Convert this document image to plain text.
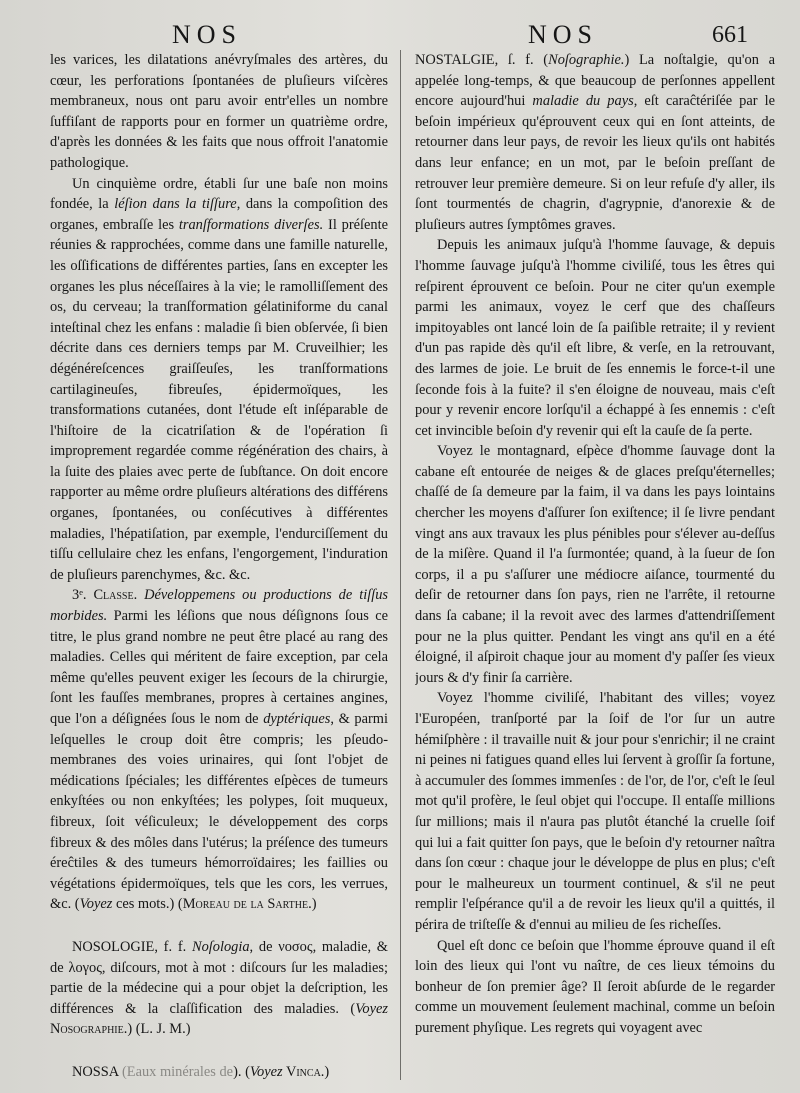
NOS	NOS	661

les varices, les dilatations anévryſmales des artères, du cœur, les perforations ſpontanées de pluſieurs viſcères membraneux, nous ont paru avoir entr'elles un nombre ſuffiſant de rapports pour en former un quatrième ordre, d'après les données & les faits que nous offroit l'anatomie pathologique.

Un cinquième ordre, établi ſur une baſe non moins fondée, la léſion dans la tiſſure, dans la compoſition des organes, embraſſe les tranſformations diverſes. Il préſente réunies & rapprochées, comme dans une famille naturelle, les oſſifications de différentes parties, ſans en excepter les organes les plus néceſſaires à la vie; le ramolliſſement des os, du cerveau; la tranſformation gélatiniforme du canal inteſtinal chez les enfans : maladie ſi bien obſervée, ſi bien décrite dans ces derniers temps par M. Cruveilhier; les dégénéreſcences graiſſeuſes, les tranſformations cartilagineuſes, fibreuſes, épidermoïques, les transformations cutanées, dont l'étude eſt inſéparable de l'hiſtoire de la cicatriſation & de l'opération ſi improprement regardée comme régénération des chairs, à la ſuite des plaies avec perte de ſubſtance. On doit encore rapporter au même ordre pluſieurs altérations des différens organes, ſpontanées, ou conſécutives à différentes maladies, l'hépatiſation, par exemple, l'endurciſſement du tiſſu cellulaire chez les enfans, l'engorgement, l'induration de pluſieurs parenchymes, &c. &c.

3ᵉ. Classe. Développemens ou productions de tiſſus morbides. Parmi les léſions que nous déſignons ſous ce titre, le plus grand nombre ne peut être placé au rang des maladies. Celles qui méritent de faire exception, par cela même qu'elles peuvent exiger les ſecours de la chirurgie, ſont les fauſſes membranes, propres à certaines angines, que l'on a déſignées ſous le nom de dyptériques, & parmi leſquelles le croup doit être compris; les pſeudo-membranes des voies urinaires, qui ſont l'objet de médications ſpéciales; les différentes eſpèces de tumeurs enkyſtées ou non enkyſtées; les polypes, ſoit muqueux, fibreux, ſoit véſiculeux; le développement des corps fibreux & des môles dans l'utérus; la préſence des tumeurs éreĉtiles & des tumeurs hémorroïdaires; les faillies ou végétations épidermoïques, tels que les cors, les verrues, &c. (Voyez ces mots.) (Moreau de la Sarthe.)

NOSOLOGIE, f. f. Noſologia, de νοσος, maladie, & de λογος, diſcours, mot à mot : diſcours ſur les maladies; partie de la médecine qui a pour objet la deſcription, les différences & la claſſification des maladies. (Voyez Nosographie.) (L. J. M.)

NOSSA (Eaux minérales de). (Voyez Vinca.)

NOSTALGIE, ſ. f. (Noſographie.) La noſtalgie, qu'on a appelée long-temps, & que beaucoup de perſonnes appellent encore aujourd'hui maladie du pays, eſt caraĉtériſée par le beſoin impérieux qu'éprouvent ceux qui en ſont atteints, de retourner dans leur pays, de revoir les lieux qu'ils ont habités dans leur enfance; en un mot, par le beſoin preſſant de retrouver leur première demeure. Si on leur refuſe d'y aller, ils ſont tourmentés de chagrin, d'agrypnie, d'anorexie & de pluſieurs autres ſymptômes graves.

Depuis les animaux juſqu'à l'homme ſauvage, & depuis l'homme ſauvage juſqu'à l'homme civiliſé, tous les êtres qui reſpirent éprouvent ce beſoin. Pour ne citer qu'un exemple parmi les animaux, voyez le cerf que des chaſſeurs impitoyables ont lancé loin de ſa paiſible retraite; il y revient d'un pas rapide dès qu'il eſt libre, & verſe, en la retrouvant, des larmes de joie. Le bruit de ſes ennemis le force-t-il une ſeconde fois à la fuite? il s'en éloigne de nouveau, mais c'eſt pour y revenir encore lorſqu'il a échappé à ſes ennemis : c'eſt cet invincible beſoin d'y revenir qui eſt la cauſe de ſa perte.

Voyez le montagnard, eſpèce d'homme ſauvage dont la cabane eſt entourée de neiges & de glaces preſqu'éternelles; chaſſé de ſa demeure par la faim, il va dans les pays lointains chercher les moyens d'aſſurer ſon exiſtence; il ſe livre pendant vingt ans aux travaux les plus pénibles pour s'élever au-deſſus de la miſère. Quand il l'a ſurmontée; quand, à la ſueur de ſon corps, il a pu s'aſſurer une médiocre aiſance, tourmenté du deſir de retourner dans ſon pays, rien ne l'arrête, il retourne dans ſa cabane; il la revoit avec des larmes d'attendriſſement pour ne la plus quitter. Pendant les vingt ans qu'il en a été éloigné, il aſpiroit chaque jour au moment d'y paſſer ſes vieux jours & d'y finir ſa carrière.

Voyez l'homme civiliſé, l'habitant des villes; voyez l'Européen, tranſporté par la ſoif de l'or ſur un autre hémiſphère : il travaille nuit & jour pour s'enrichir; il ne craint ni peines ni fatigues quand elles lui ſervent à groſſir ſa fortune, à accumuler des ſommes immenſes : de l'or, de l'or, c'eſt le ſeul mot qu'il profère, le ſeul objet qui l'occupe. Il entaſſe millions ſur millions; mais il n'aura pas plutôt étanché la cruelle ſoif qui lui a fait quitter ſon pays, que le beſoin d'y retourner naîtra dans ſon cœur : chaque jour le développe de plus en plus; c'eſt pour le malheureux un tourment continuel, & s'il ne peut remplir l'eſpérance qu'il a de revoir les lieux qu'il a quittés, il périra de triſteſſe & d'ennui au milieu de ſes richeſſes.

Quel eſt donc ce beſoin que l'homme éprouve quand il eſt loin des lieux qui l'ont vu naître, de ces lieux témoins du bonheur de ſon premier âge? Il ſeroit abſurde de le regarder comme un mouvement ſeulement machinal, comme un beſoin purement phyſique. Les regrets qui voyagent avec
